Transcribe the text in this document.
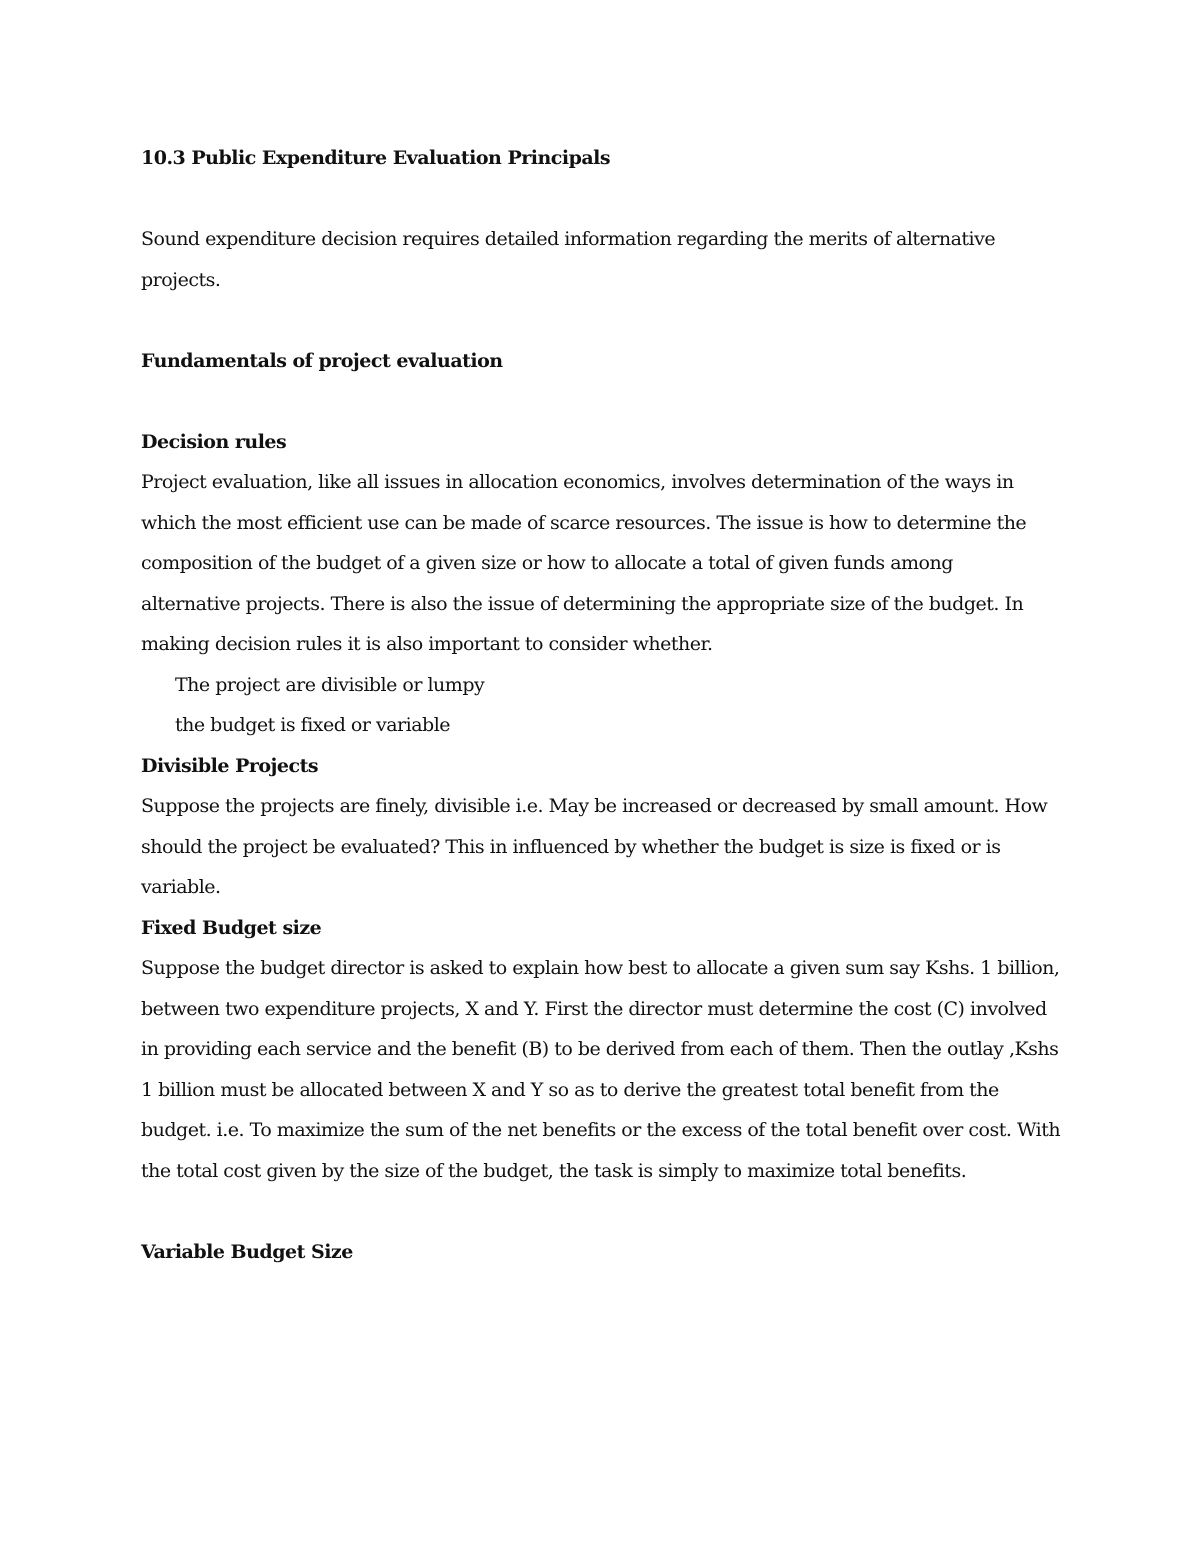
10.3 Public Expenditure Evaluation Principals

Sound expenditure decision requires detailed information regarding the merits of alternative projects.

Fundamentals of project evaluation

Decision rules

Project evaluation, like all issues in allocation economics, involves determination of the ways in which the most efficient use can be made of scarce resources. The issue is how to determine the composition of the budget of a given size or how to allocate a total of given funds among alternative projects. There is also the issue of determining the appropriate size of the budget. In making decision rules it is also important to consider whether.

The project are divisible or lumpy

the budget is fixed or variable

Divisible Projects

Suppose the projects are finely, divisible i.e. May be increased or decreased by small amount. How should the project be evaluated? This in influenced by whether the budget is size is fixed or is variable.

Fixed Budget size

Suppose the budget director is asked to explain how best to allocate a given sum say Kshs. 1 billion, between two expenditure projects, X and Y. First the director must determine the cost (C) involved in providing each service and the benefit (B) to be derived from each of them. Then the outlay ,Kshs 1 billion must be allocated between X and Y so as to derive the greatest total benefit from the budget. i.e. To maximize the sum of the net benefits or the excess of the total benefit over cost. With the total cost given by the size of the budget, the task is simply to maximize total benefits.

Variable Budget Size
